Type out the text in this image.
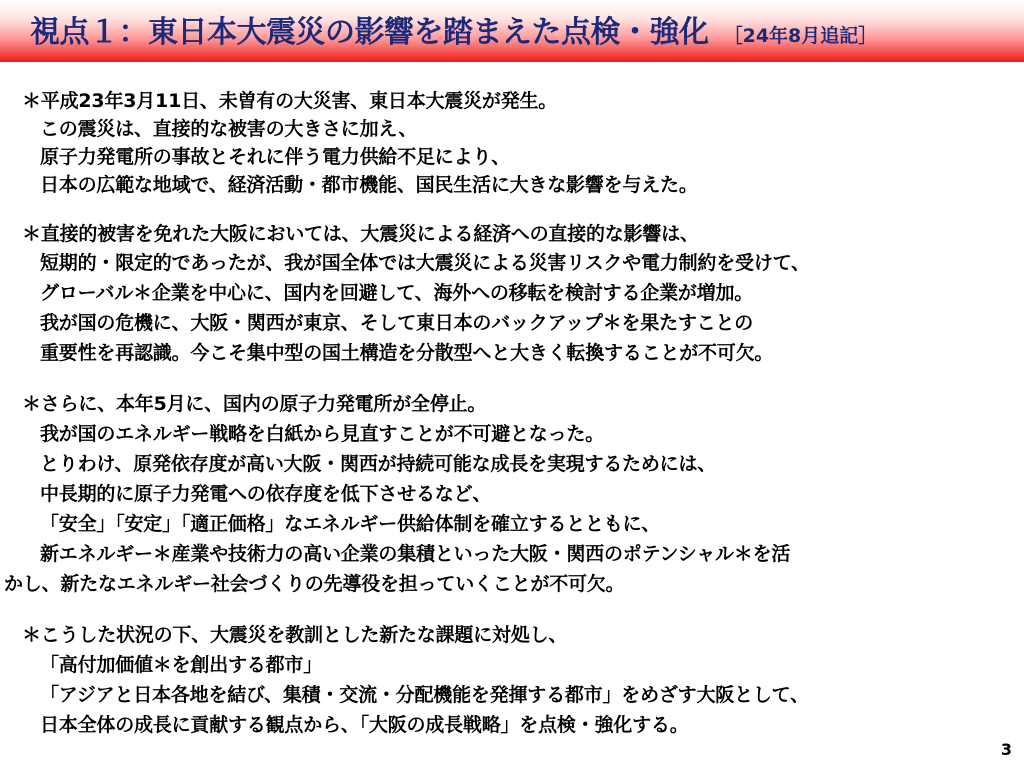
視点１：東日本大震災の影響を踏まえた点検・強化 ［24年8月追記］
＊平成23年3月11日、未曽有の大災害、東日本大震災が発生。
この震災は、直接的な被害の大きさに加え、
原子力発電所の事故とそれに伴う電力供給不足により、
日本の広範な地域で、経済活動・都市機能、国民生活に大きな影響を与えた。
＊直接的被害を免れた大阪においては、大震災による経済への直接的な影響は、
短期的・限定的であったが、我が国全体では大震災による災害リスクや電力制約を受けて、
グローバル＊企業を中心に、国内を回避して、海外への移転を検討する企業が増加。
我が国の危機に、大阪・関西が東京、そして東日本のバックアップ＊を果たすことの
重要性を再認識。今こそ集中型の国土構造を分散型へと大きく転換することが不可欠。
＊さらに、本年5月に、国内の原子力発電所が全停止。
我が国のエネルギー戦略を白紙から見直すことが不可避となった。
とりわけ、原発依存度が高い大阪・関西が持続可能な成長を実現するためには、
中長期的に原子力発電への依存度を低下させるなど、
「安全」「安定」「適正価格」なエネルギー供給体制を確立するとともに、
新エネルギー＊産業や技術力の高い企業の集積といった大阪・関西のポテンシャル＊を活
かし、新たなエネルギー社会づくりの先導役を担っていくことが不可欠。
＊こうした状況の下、大震災を教訓とした新たな課題に対処し、
「高付加価値＊を創出する都市」
「アジアと日本各地を結び、集積・交流・分配機能を発揮する都市」をめざす大阪として、
日本全体の成長に貢献する観点から、「大阪の成長戦略」を点検・強化する。
3
